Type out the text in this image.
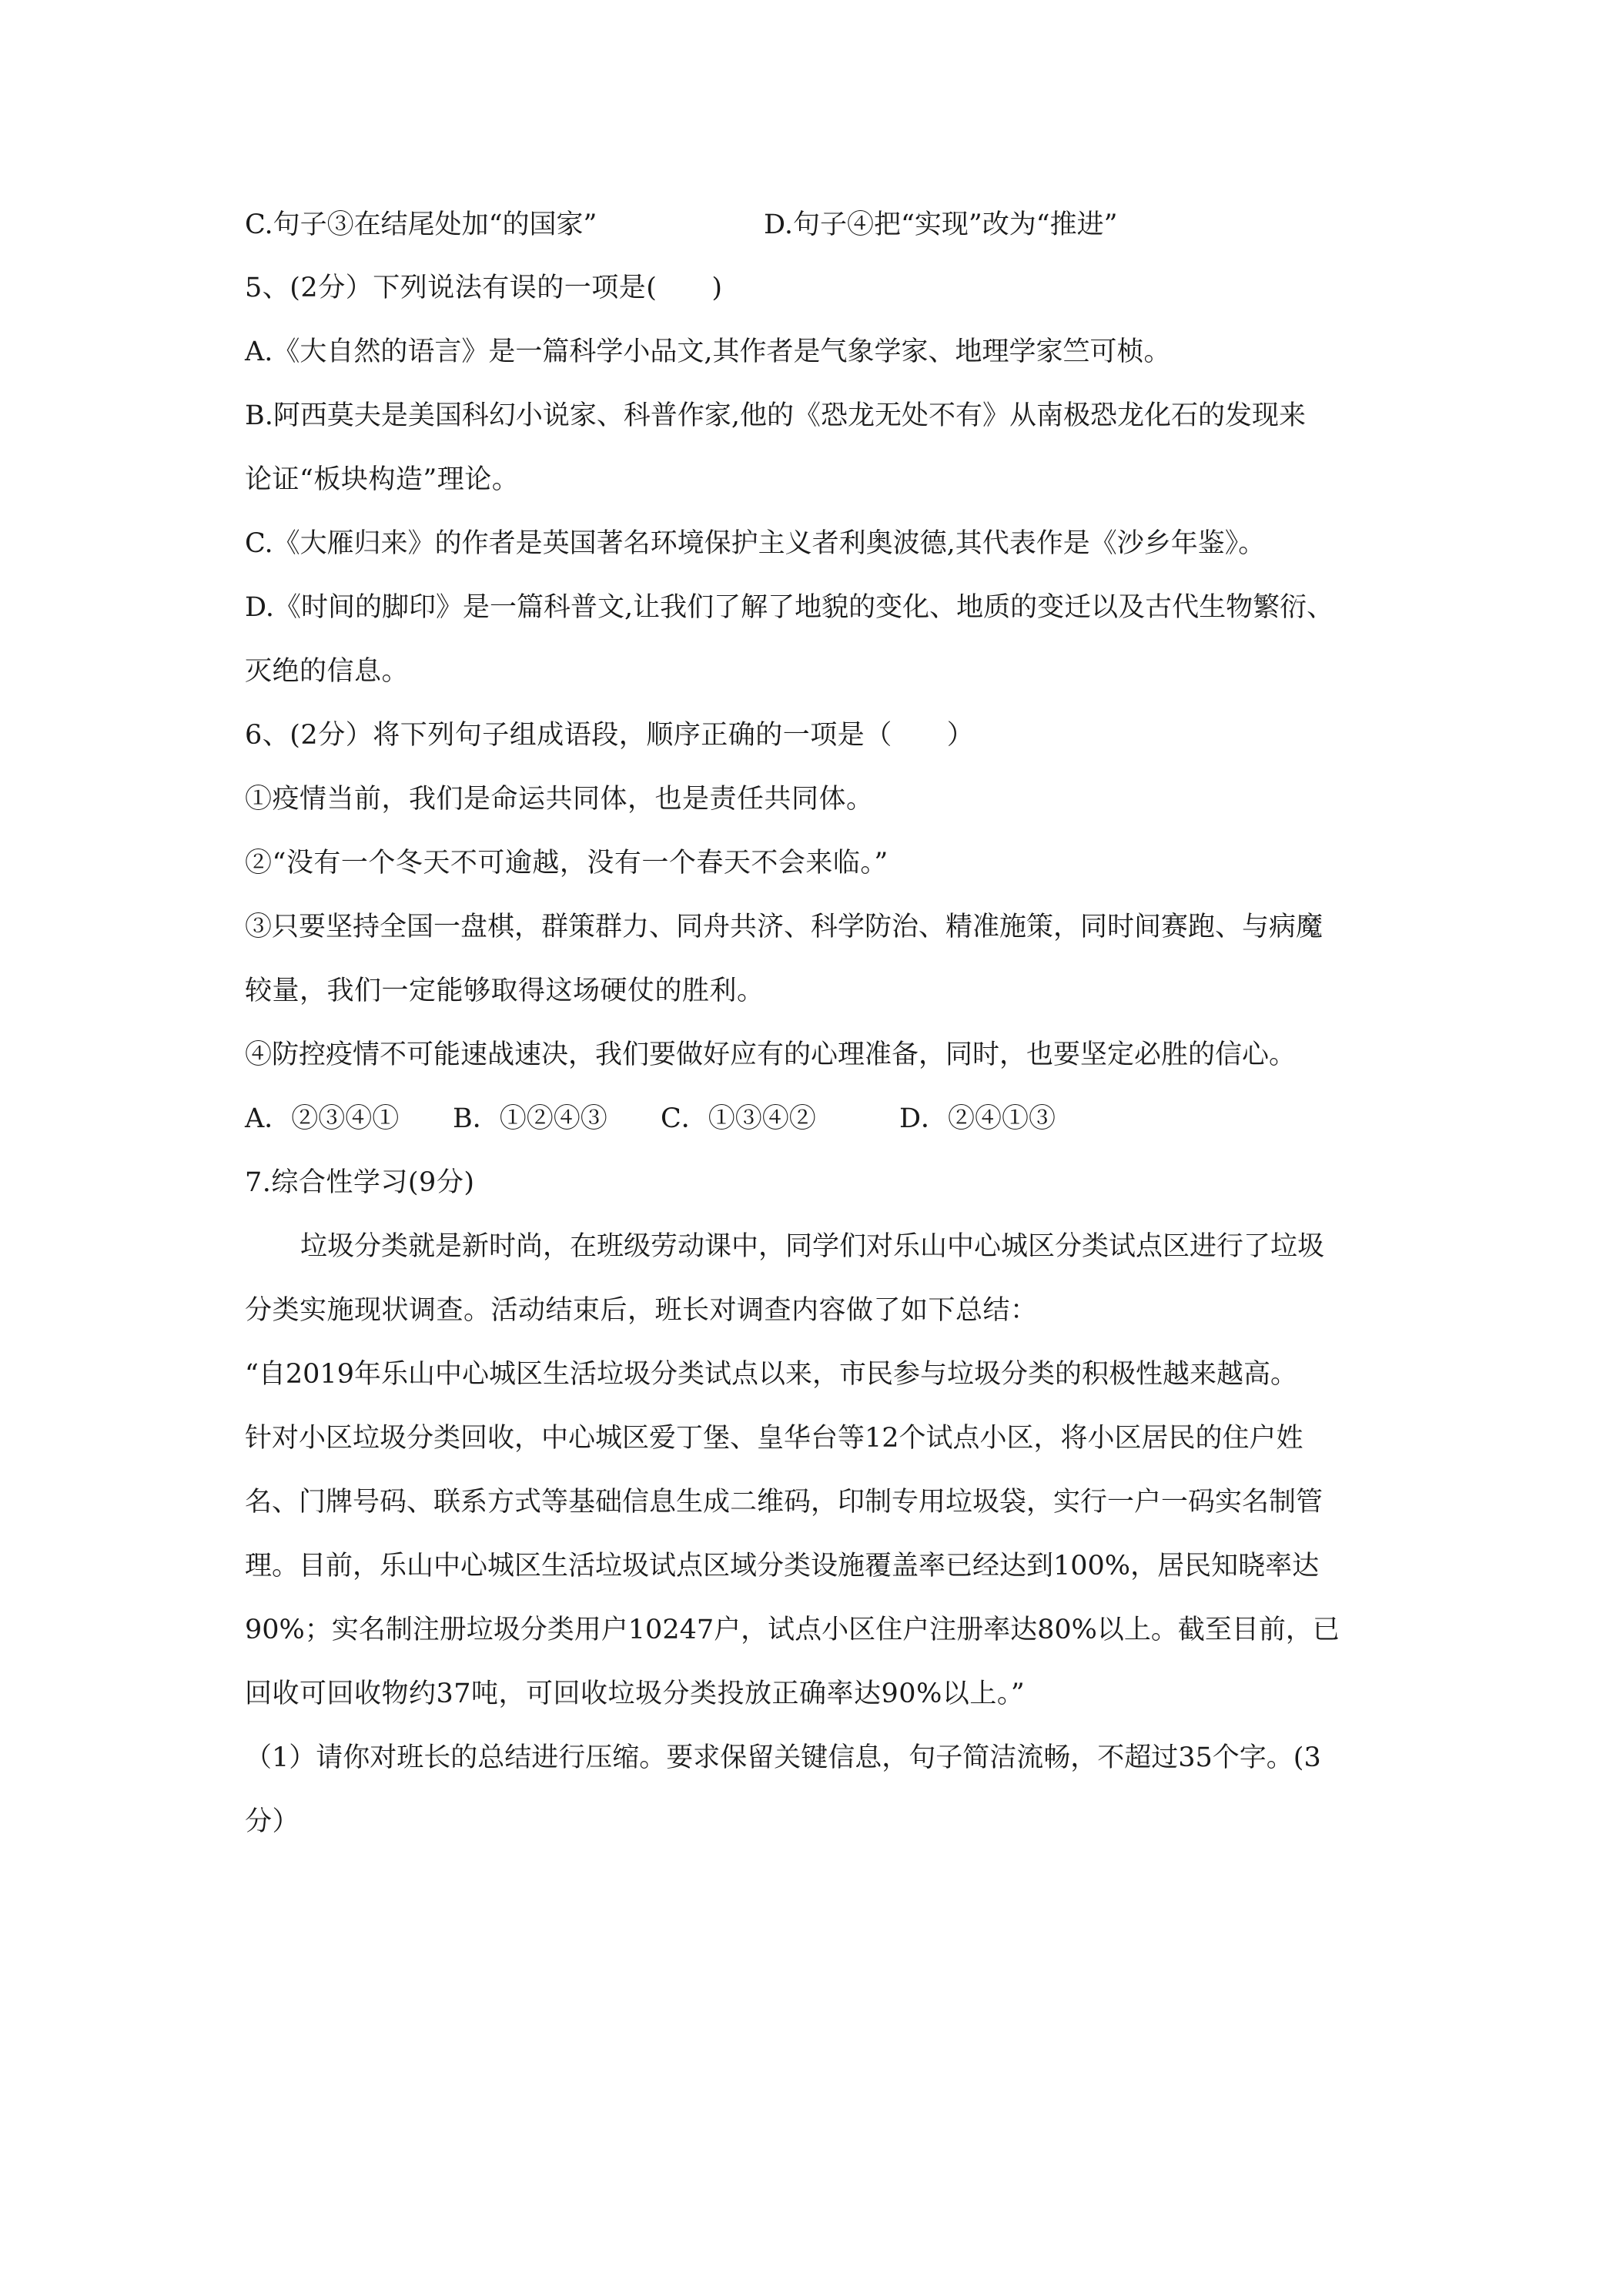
C.句子③在结尾处加“的国家”	D.句子④把“实现”改为“推进”
5、(2分）下列说法有误的一项是(　　)
A.《大自然的语言》是一篇科学小品文,其作者是气象学家、地理学家竺可桢。
B.阿西莫夫是美国科幻小说家、科普作家,他的《恐龙无处不有》从南极恐龙化石的发现来
论证“板块构造”理论。
C.《大雁归来》的作者是英国著名环境保护主义者利奥波德,其代表作是《沙乡年鉴》。
D.《时间的脚印》是一篇科普文,让我们了解了地貌的变化、地质的变迁以及古代生物繁衍、
灭绝的信息。
6、(2分）将下列句子组成语段，顺序正确的一项是（　　）
①疫情当前，我们是命运共同体，也是责任共同体。
②“没有一个冬天不可逾越，没有一个春天不会来临。”
③只要坚持全国一盘棋，群策群力、同舟共济、科学防治、精准施策，同时间赛跑、与病魔
较量，我们一定能够取得这场硬仗的胜利。
④防控疫情不可能速战速决，我们要做好应有的心理准备，同时，也要坚定必胜的信心。
A．②③④① B．①②④③ C．①③④②	D．②④①③
7.综合性学习(9分)
垃圾分类就是新时尚，在班级劳动课中，同学们对乐山中心城区分类试点区进行了垃圾
分类实施现状调查。活动结束后，班长对调查内容做了如下总结：
“自2019年乐山中心城区生活垃圾分类试点以来，市民参与垃圾分类的积极性越来越高。
针对小区垃圾分类回收，中心城区爱丁堡、皇华台等12个试点小区，将小区居民的住户姓
名、门牌号码、联系方式等基础信息生成二维码，印制专用垃圾袋，实行一户一码实名制管
理。目前，乐山中心城区生活垃圾试点区域分类设施覆盖率已经达到100%，居民知晓率达
90%；实名制注册垃圾分类用户10247户，试点小区住户注册率达80%以上。截至目前，已
回收可回收物约37吨，可回收垃圾分类投放正确率达90%以上。”
（1）请你对班长的总结进行压缩。要求保留关键信息，句子简洁流畅，不超过35个字。(3
分）
